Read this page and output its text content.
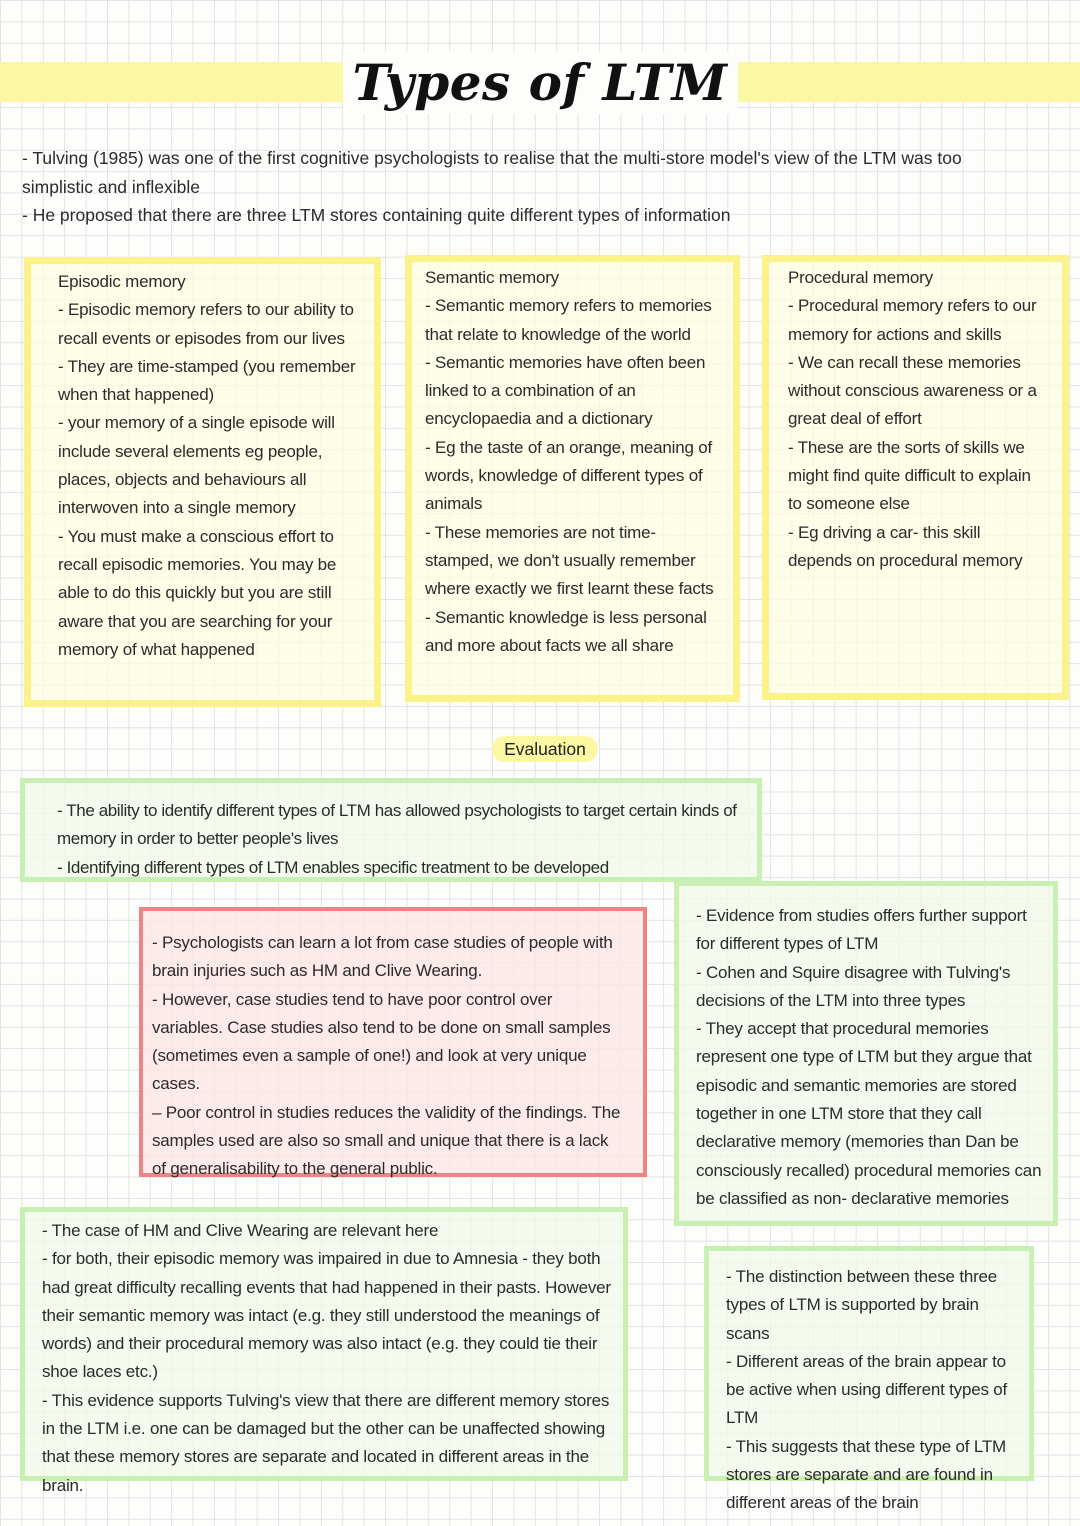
Types of LTM

- Tulving (1985) was one of the first cognitive psychologists to realise that the multi-store model's view of the LTM was too simplistic and inflexible

- He proposed that there are three LTM stores containing quite different types of information

Episodic memory

- Episodic memory refers to our ability to recall events or episodes from our lives

- They are time-stamped (you remember when that happened)

- your memory of a single episode will include several elements eg people, places, objects and behaviours all interwoven into a single memory

- You must make a conscious effort to recall episodic memories. You may be able to do this quickly but you are still aware that you are searching for your memory of what happened

Semantic memory

- Semantic memory refers to memories that relate to knowledge of the world

- Semantic memories have often been linked to a combination of an encyclopaedia and a dictionary

- Eg the taste of an orange, meaning of words, knowledge of different types of animals

- These memories are not time-stamped, we don't usually remember where exactly we first learnt these facts

- Semantic knowledge is less personal and more about facts we all share

Procedural memory

- Procedural memory refers to our memory for actions and skills

- We can recall these memories without conscious awareness or a great deal of effort

- These are the sorts of skills we might find quite difficult to explain to someone else

- Eg driving a car- this skill depends on procedural memory

Evaluation

- The ability to identify different types of LTM has allowed psychologists to target certain kinds of memory in order to better people's lives

- Identifying different types of LTM enables specific treatment to be developed

- Psychologists can learn a lot from case studies of people with brain injuries such as HM and Clive Wearing.

- However, case studies tend to have poor control over variables. Case studies also tend to be done on small samples (sometimes even a sample of one!) and look at very unique cases.

– Poor control in studies reduces the validity of the findings. The samples used are also so small and unique that there is a lack of generalisability to the general public.

- Evidence from studies offers further support for different types of LTM

- Cohen and Squire disagree with Tulving's decisions of the LTM into three types

- They accept that procedural memories represent one type of LTM but they argue that episodic and semantic memories are stored together in one LTM store that they call declarative memory (memories than Dan be consciously recalled) procedural memories can be classified as non- declarative memories

- The case of HM and Clive Wearing are relevant here

- for both, their episodic memory was impaired in due to Amnesia - they both had great difficulty recalling events that had happened in their pasts. However their semantic memory was intact (e.g. they still understood the meanings of words) and their procedural memory was also intact (e.g. they could tie their shoe laces etc.)

- This evidence supports Tulving's view that there are different memory stores in the LTM i.e. one can be damaged but the other can be unaffected showing that these memory stores are separate and located in different areas in the brain.

- The distinction between these three types of LTM is supported by brain scans

- Different areas of the brain appear to be active when using different types of LTM

- This suggests that these type of LTM stores are separate and are found in different areas of the brain
